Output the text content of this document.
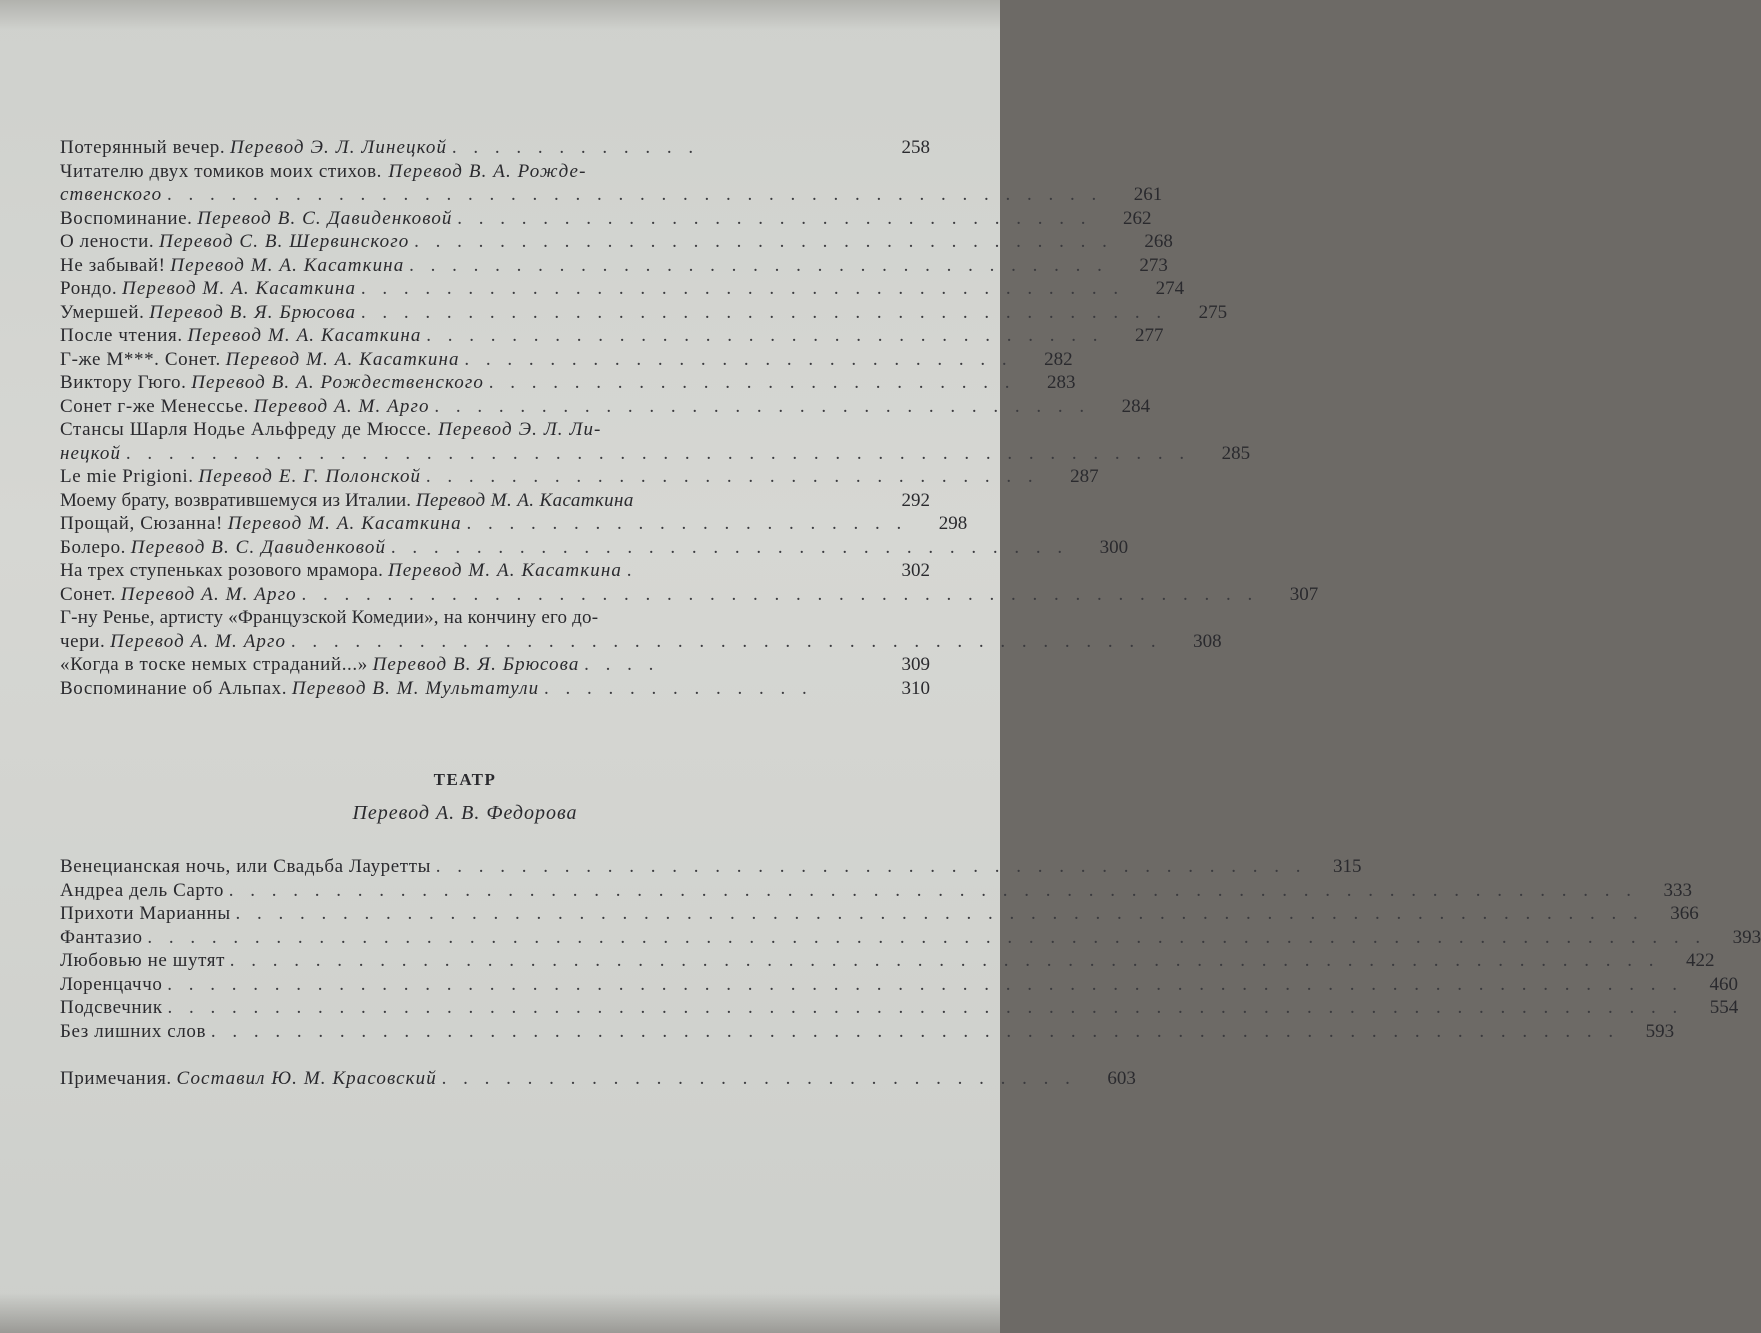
Потерянный вечер. Перевод Э. Л. Линецкой . . . . . . . . . . . .	258
Читателю двух томиков моих стихов. Перевод В. А. Рожде-
ственского . . . . . . . . . . . . . . . . . . . . . . . . . . . . . . . . . . . . . . . . . . . .	261
Воспоминание. Перевод В. С. Давиденковой . . . . . . . . . . . . . . . . . . . . . . . . . . . . . .	262
О лености. Перевод С. В. Шервинского . . . . . . . . . . . . . . . . . . . . . . . . . . . . . . . . .	268
Не забывай! Перевод М. А. Касаткина . . . . . . . . . . . . . . . . . . . . . . . . . . . . . . . . .	273
Рондо. Перевод М. А. Касаткина . . . . . . . . . . . . . . . . . . . . . . . . . . . . . . . . . . . .	274
Умершей. Перевод В. Я. Брюсова . . . . . . . . . . . . . . . . . . . . . . . . . . . . . . . . . . . . . .	275
После чтения. Перевод М. А. Касаткина . . . . . . . . . . . . . . . . . . . . . . . . . . . . . . . .	277
Г-же М***. Сонет. Перевод М. А. Касаткина . . . . . . . . . . . . . . . . . . . . . . . . . .	282
Виктору Гюго. Перевод В. А. Рождественского . . . . . . . . . . . . . . . . . . . . . . . . .	283
Сонет г-же Менессье. Перевод А. М. Арго . . . . . . . . . . . . . . . . . . . . . . . . . . . . . . .	284
Стансы Шарля Нодье Альфреду де Мюссе. Перевод Э. Л. Ли-
нецкой . . . . . . . . . . . . . . . . . . . . . . . . . . . . . . . . . . . . . . . . . . . . . . . . . .	285
Le mie Prigioni. Перевод Е. Г. Полонской . . . . . . . . . . . . . . . . . . . . . . . . . . . . .	287
Моему брату, возвратившемуся из Италии. Перевод М. А. Касаткина	292
Прощай, Сюзанна! Перевод М. А. Касаткина . . . . . . . . . . . . . . . . . . . . .	298
Болеро. Перевод В. С. Давиденковой . . . . . . . . . . . . . . . . . . . . . . . . . . . . . . . .	300
На трех ступеньках розового мрамора. Перевод М. А. Касаткина .	302
Сонет. Перевод А. М. Арго . . . . . . . . . . . . . . . . . . . . . . . . . . . . . . . . . . . . . . . . . . . . .	307
Г-ну Ренье, артисту «Французской Комедии», на кончину его до-
чери. Перевод А. М. Арго . . . . . . . . . . . . . . . . . . . . . . . . . . . . . . . . . . . . . . . . .	308
«Когда в тоске немых страданий...» Перевод В. Я. Брюсова . . . .	309
Воспоминание об Альпах. Перевод В. М. Мультатули . . . . . . . . . . . . .	310
ТЕАТР
Перевод А. В. Федорова
Венецианская ночь, или Свадьба Лауретты . . . . . . . . . . . . . . . . . . . . . . . . . . . . . . . . . . . . . . . . .	315
Андреа дель Сарто . . . . . . . . . . . . . . . . . . . . . . . . . . . . . . . . . . . . . . . . . . . . . . . . . . . . . . . . . . . . . . . . . .	333
Прихоти Марианны . . . . . . . . . . . . . . . . . . . . . . . . . . . . . . . . . . . . . . . . . . . . . . . . . . . . . . . . . . . . . . . . . .	366
Фантазио . . . . . . . . . . . . . . . . . . . . . . . . . . . . . . . . . . . . . . . . . . . . . . . . . . . . . . . . . . . . . . . . . . . . . . . . .	393
Любовью не шутят . . . . . . . . . . . . . . . . . . . . . . . . . . . . . . . . . . . . . . . . . . . . . . . . . . . . . . . . . . . . . . . . . . .	422
Лоренцаччо . . . . . . . . . . . . . . . . . . . . . . . . . . . . . . . . . . . . . . . . . . . . . . . . . . . . . . . . . . . . . . . . . . . . . . .	460
Подсвечник . . . . . . . . . . . . . . . . . . . . . . . . . . . . . . . . . . . . . . . . . . . . . . . . . . . . . . . . . . . . . . . . . . . . . . .	554
Без лишних слов . . . . . . . . . . . . . . . . . . . . . . . . . . . . . . . . . . . . . . . . . . . . . . . . . . . . . . . . . . . . . . . . . .	593
Примечания. Составил Ю. М. Красовский . . . . . . . . . . . . . . . . . . . . . . . . . . . . . .	603
